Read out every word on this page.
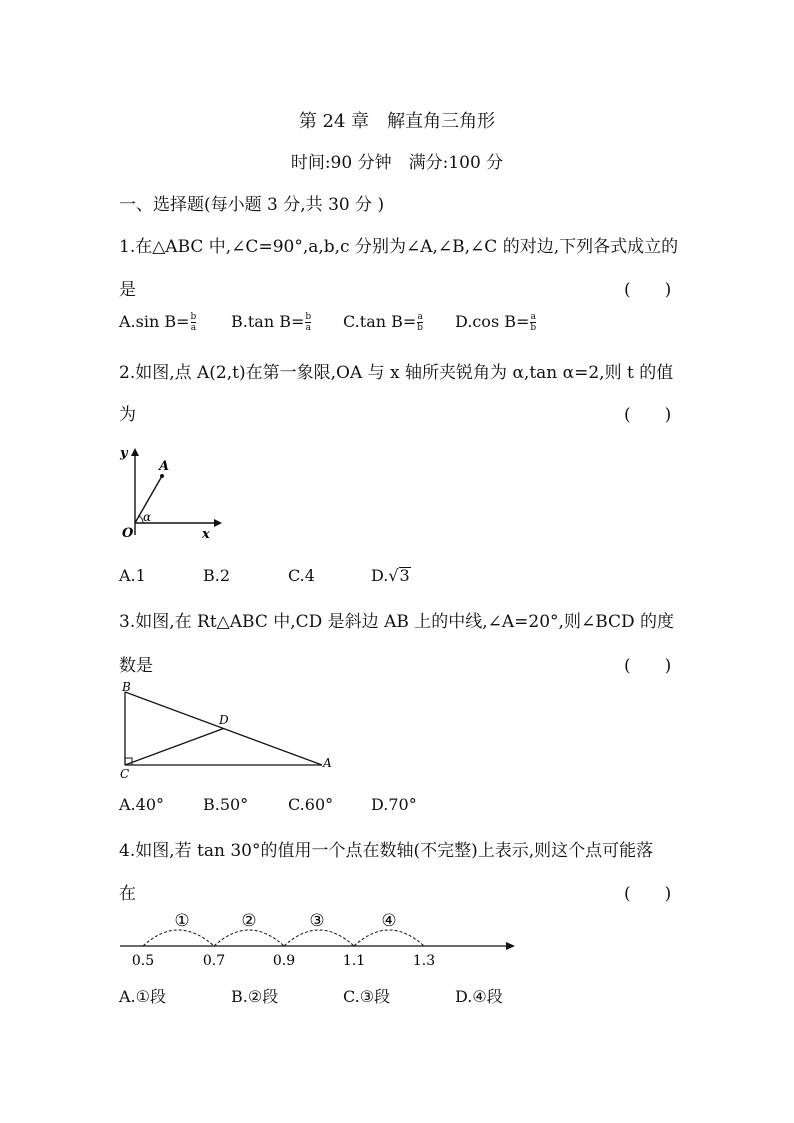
第 24 章　解直角三角形
时间:90 分钟　满分:100 分
一、选择题(每小题 3 分,共 30 分 )
1.在△ABC 中,∠C=90°,a,b,c 分别为∠A,∠B,∠C 的对边,下列各式成立的
是	(　　)
A.sin $B= \frac{b}{a} B.\tan$ $B= \frac{b}{a} C.\tan$ $B= \frac{a}{b} D.\cos$ $B= \frac{a}{b}$
2.如图,点 A(2,t)在第一象限,OA 与 x 轴所夹锐角为 α,tan α=2,则 t 的值
为	(　　)
y
A
α
O	x
A.1	B.2	C.4	D.√3
3.如图,在 Rt△ABC 中,CD 是斜边 AB 上的中线,∠A=20°,则∠BCD 的度
数是	(　　)
B
D
C
A
A.40° B.50° C.60° D.70°
4.如图,若 tan 30°的值用一个点在数轴(不完整)上表示,则这个点可能落
在	(　　)
①	②	③	④
0.5	0.7	0.9	1.1	1.3
A.①段	B.②段	C.③段	D.④段
